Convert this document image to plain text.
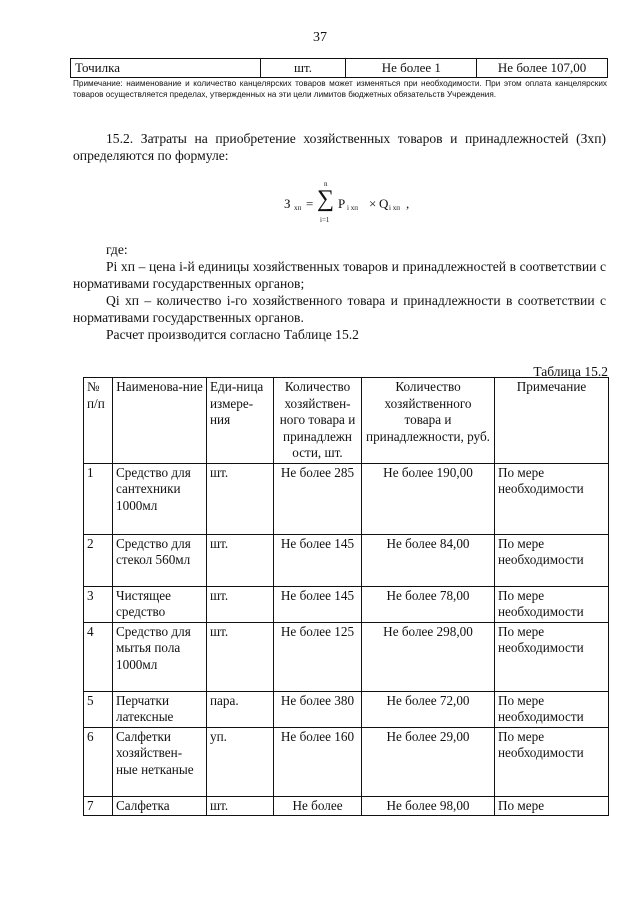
37
Точилка	шт.	Не более 1	Не более 107,00
Примечание: наименование и количество канцелярских товаров может изменяться при необходимости. При этом оплата канцелярских товаров осуществляется пределах, утвержденных на эти цели лимитов бюджетных обязательств Учреждения.
15.2. Затраты на приобретение хозяйственных товаров и принадлежностей (Зхп) определяются по формуле:
З хп =
n
∑
i=1
P i хп × Q i хп ,
где:
Pi хп – цена i-й единицы хозяйственных товаров и принадлежностей в соответствии с нормативами государственных органов;
Qi хп – количество i-го хозяйственного товара и принадлежности в соответствии с нормативами государственных органов.
Расчет производится согласно Таблице 15.2
Таблица 15.2
№ п/п	Наименова-ние	Еди-ница измере-ния	Количество хозяйствен-ного товара и принадлежн ости, шт.	Количество хозяйственного товара и принадлежности, руб.	Примечание
1	Средство для сантехники 1000мл	шт.	Не более 285	Не более 190,00	По мере необходимости
2	Средство для стекол 560мл	шт.	Не более 145	Не более 84,00	По мере необходимости
3	Чистящее средство	шт.	Не более 145	Не более 78,00	По мере необходимости
4	Средство для мытья пола 1000мл	шт.	Не более 125	Не более 298,00	По мере необходимости
5	Перчатки латексные	пара.	Не более 380	Не более 72,00	По мере необходимости
6	Салфетки хозяйствен-ные нетканые	уп.	Не более 160	Не более 29,00	По мере необходимости
7	Салфетка	шт.	Не более	Не более 98,00	По мере
